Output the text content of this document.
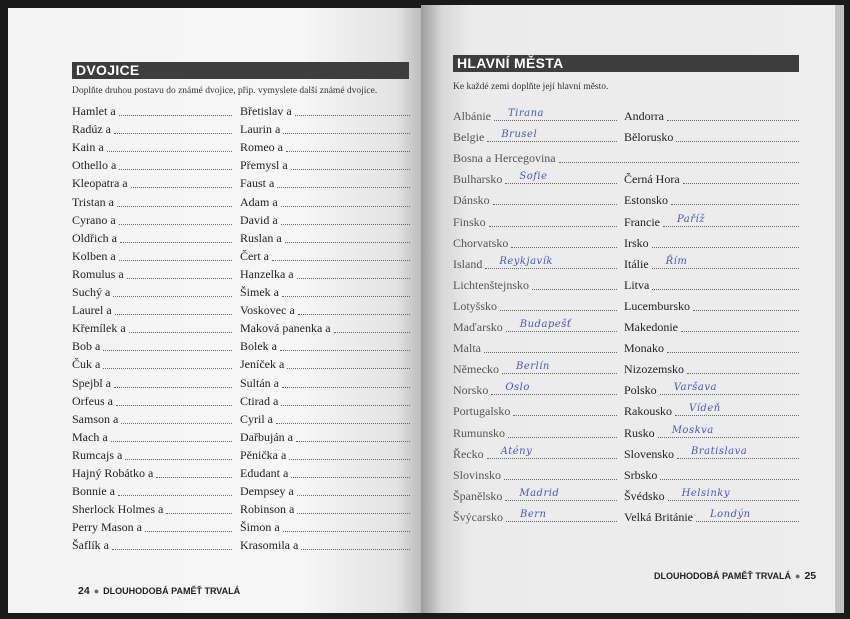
DVOJICE
Doplňte druhou postavu do známé dvojice, příp. vymyslete další známé dvojice.
Hamlet a
Radúz a
Kain a
Othello a
Kleopatra a
Tristan a
Cyrano a
Oldřich a
Kolben a
Romulus a
Suchý a
Laurel a
Křemílek a
Bob a
Čuk a
Spejbl a
Orfeus a
Samson a
Mach a
Rumcajs a
Hajný Robátko a
Bonnie a
Sherlock Holmes a
Perry Mason a
Šaflík a
Břetislav a
Laurin a
Romeo a
Přemysl a
Faust a
Adam a
David a
Ruslan a
Čert a
Hanzelka a
Šimek a
Voskovec a
Maková panenka a
Bolek a
Jeníček a
Sultán a
Ctirad a
Cyril a
Dařbuján a
Pěnička a
Edudant a
Dempsey a
Robinson a
Šimon a
Krasomila a
24 ● DLOUHODOBÁ PAMĚŤ TRVALÁ
HLAVNÍ MĚSTA
Ke každé zemi doplňte její hlavní město.
Albánie Tirana
Belgie Brusel
Bosna a Hercegovina
Bulharsko Sofie
Dánsko
Finsko
Chorvatsko
Island Reykjavík
Lichtenštejnsko
Lotyšsko
Maďarsko Budapešť
Malta
Německo Berlín
Norsko Oslo
Portugalsko
Rumunsko
Řecko Atény
Slovinsko
Španělsko Madrid
Švýcarsko Bern
Andorra
Bělorusko
Černá Hora
Estonsko
Francie Paříž
Irsko
Itálie Řím
Litva
Lucembursko
Makedonie
Monako
Nizozemsko
Polsko Varšava
Rakousko Vídeň
Rusko Moskva
Slovensko Bratislava
Srbsko
Švédsko Helsinky
Velká Británie Londýn
DLOUHODOBÁ PAMĚŤ TRVALÁ ● 25
